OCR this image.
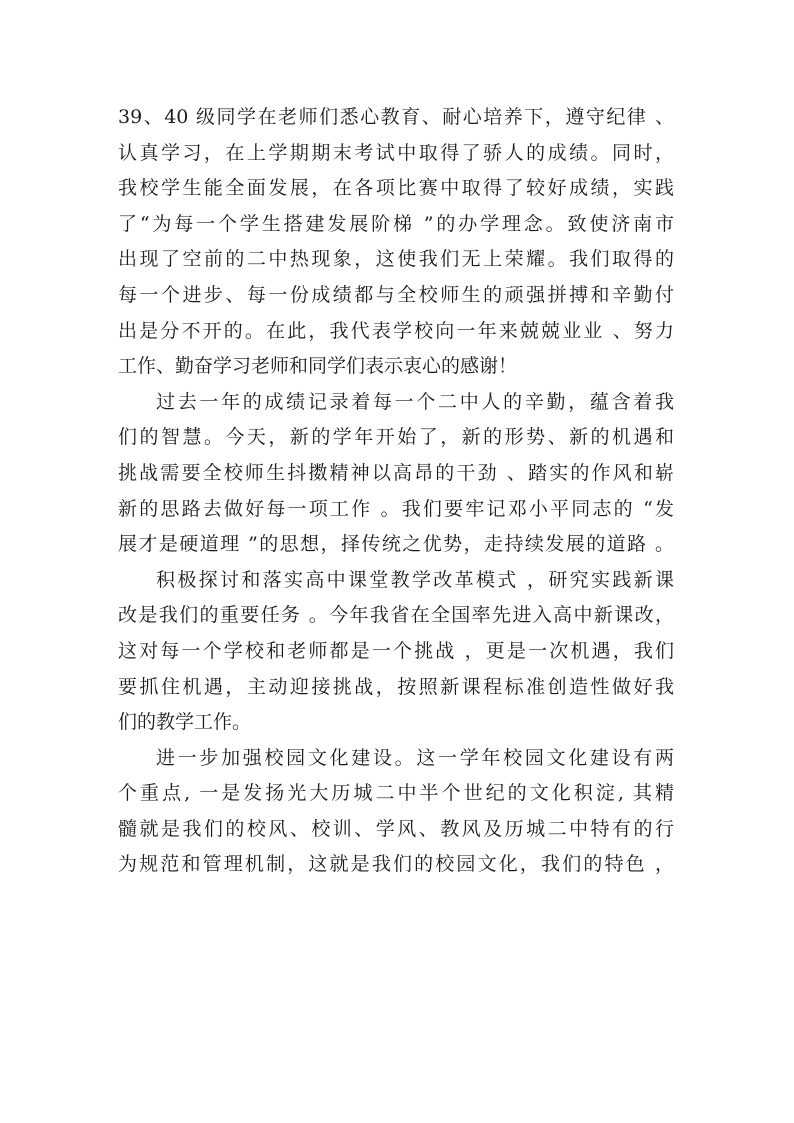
39、40 级同学在老师们悉心教育、耐心培养下，遵守纪律 、
认真学习，在上学期期末考试中取得了骄人的成绩。同时，
我校学生能全面发展，在各项比赛中取得了较好成绩，实践
了“为每一个学生搭建发展阶梯 ”的办学理念。致使济南市
出现了空前的二中热现象，这使我们无上荣耀。我们取得的
每一个进步、每一份成绩都与全校师生的顽强拼搏和辛勤付
出是分不开的。在此，我代表学校向一年来兢兢业业 、努力
工作、勤奋学习老师和同学们表示衷心的感谢！
过去一年的成绩记录着每一个二中人的辛勤，蕴含着我
们的智慧。今天，新的学年开始了，新的形势、新的机遇和
挑战需要全校师生抖擞精神以高昂的干劲 、踏实的作风和崭
新的思路去做好每一项工作 。我们要牢记邓小平同志的 “发
展才是硬道理 ”的思想，择传统之优势，走持续发展的道路 。
积极探讨和落实高中课堂教学改革模式 ，研究实践新课
改是我们的重要任务 。今年我省在全国率先进入高中新课改，
这对每一个学校和老师都是一个挑战 ，更是一次机遇，我们
要抓住机遇，主动迎接挑战，按照新课程标准创造性做好我
们的教学工作。
进一步加强校园文化建设。这一学年校园文化建设有两
个重点, 一是发扬光大历城二中半个世纪的文化积淀, 其精
髓就是我们的校风、校训、学风、教风及历城二中特有的行
为规范和管理机制，这就是我们的校园文化，我们的特色 ，
